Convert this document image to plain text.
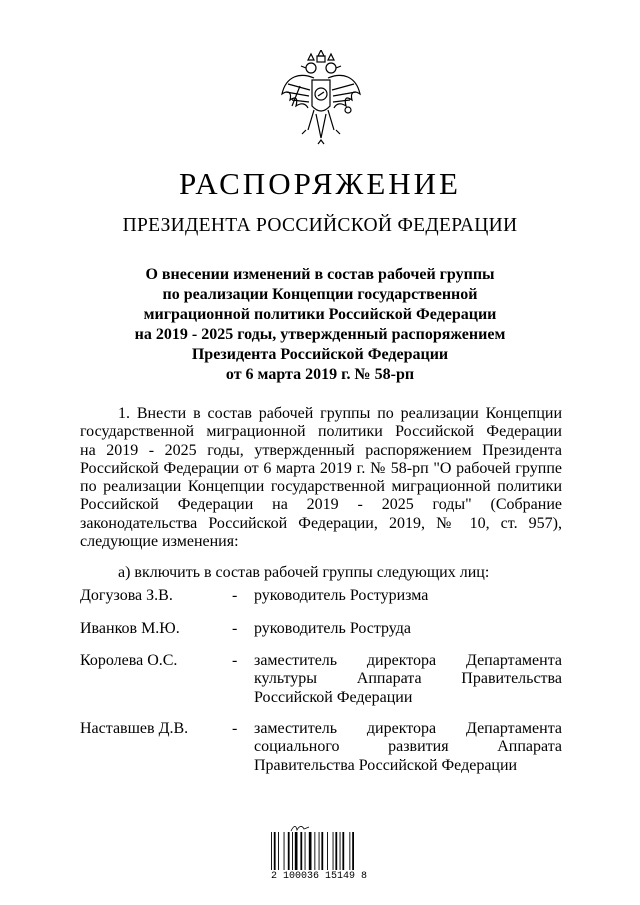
РАСПОРЯЖЕНИЕ
ПРЕЗИДЕНТА РОССИЙСКОЙ ФЕДЕРАЦИИ
О внесении изменений в состав рабочей группы
по реализации Концепции государственной
миграционной политики Российской Федерации
на 2019 - 2025 годы, утвержденный распоряжением
Президента Российской Федерации
от 6 марта 2019 г. № 58-рп
1. Внести в состав рабочей группы по реализации Концепции
государственной миграционной политики Российской Федерации
на 2019 - 2025 годы, утвержденный распоряжением Президента
Российской Федерации от 6 марта 2019 г. № 58-рп "О рабочей группе
по реализации Концепции государственной миграционной политики
Российской Федерации на 2019 - 2025 годы" (Собрание
законодательства Российской Федерации, 2019, № 10, ст. 957),
следующие изменения:
а) включить в состав рабочей группы следующих лиц:
Догузова З.В.	- руководитель Ростуризма
Иванков М.Ю.	- руководитель Роструда
Королева О.С.	- заместитель директора Департамента
культуры Аппарата Правительства
Российской Федерации
Наставшев Д.В.	- заместитель директора Департамента
социального развития Аппарата
Правительства Российской Федерации
2 100036 15149 8
